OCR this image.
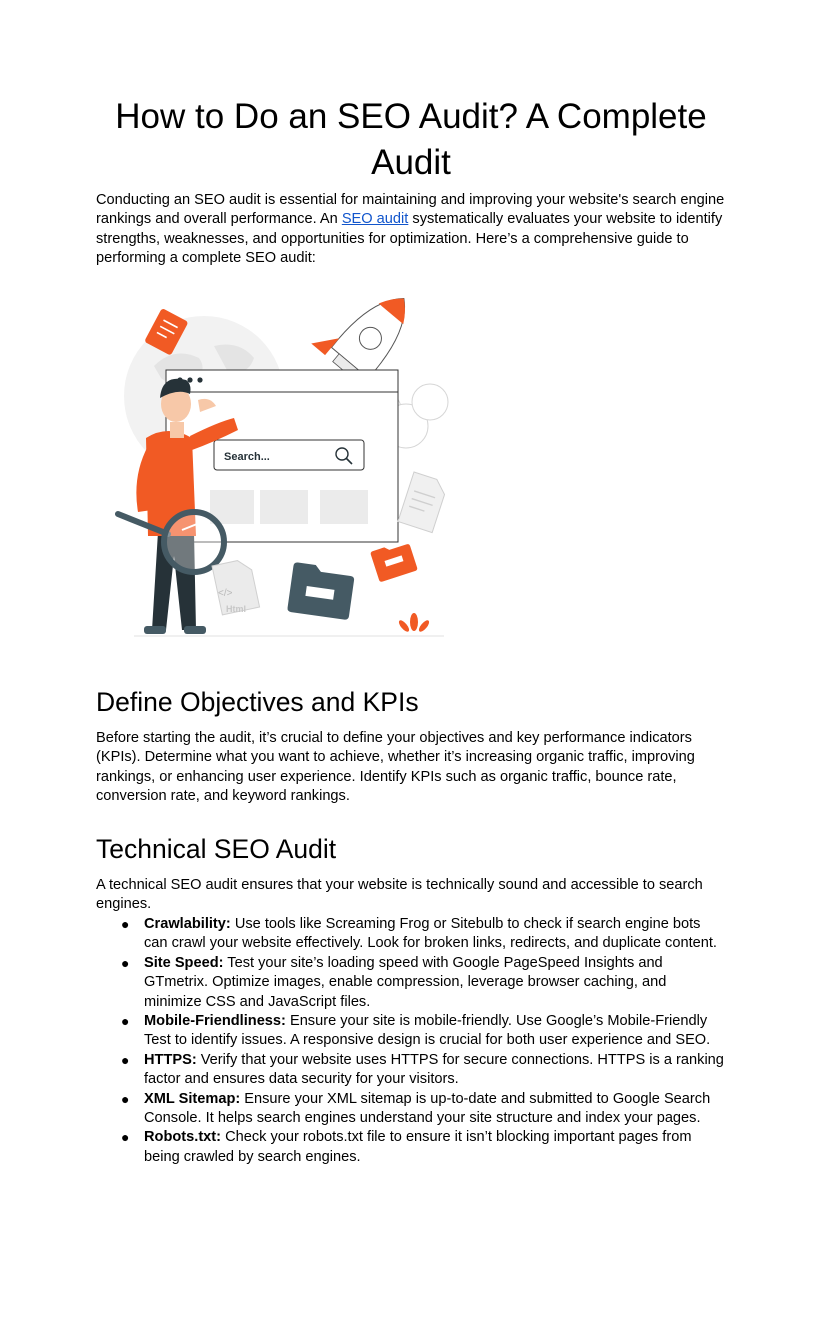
How to Do an SEO Audit? A Complete Audit

Conducting an SEO audit is essential for maintaining and improving your website's search engine rankings and overall performance. An SEO audit systematically evaluates your website to identify strengths, weaknesses, and opportunities for optimization. Here’s a comprehensive guide to performing a complete SEO audit:

Search...
</>
Html
Define Objectives and KPIs

Before starting the audit, it’s crucial to define your objectives and key performance indicators (KPIs). Determine what you want to achieve, whether it’s increasing organic traffic, improving rankings, or enhancing user experience. Identify KPIs such as organic traffic, bounce rate, conversion rate, and keyword rankings.

Technical SEO Audit

A technical SEO audit ensures that your website is technically sound and accessible to search engines.

● Crawlability: Use tools like Screaming Frog or Sitebulb to check if search engine bots can crawl your website effectively. Look for broken links, redirects, and duplicate content.
● Site Speed: Test your site’s loading speed with Google PageSpeed Insights and GTmetrix. Optimize images, enable compression, leverage browser caching, and minimize CSS and JavaScript files.
● Mobile-Friendliness: Ensure your site is mobile-friendly. Use Google’s Mobile-Friendly Test to identify issues. A responsive design is crucial for both user experience and SEO.
● HTTPS: Verify that your website uses HTTPS for secure connections. HTTPS is a ranking factor and ensures data security for your visitors.
● XML Sitemap: Ensure your XML sitemap is up-to-date and submitted to Google Search Console. It helps search engines understand your site structure and index your pages.
● Robots.txt: Check your robots.txt file to ensure it isn’t blocking important pages from being crawled by search engines.
